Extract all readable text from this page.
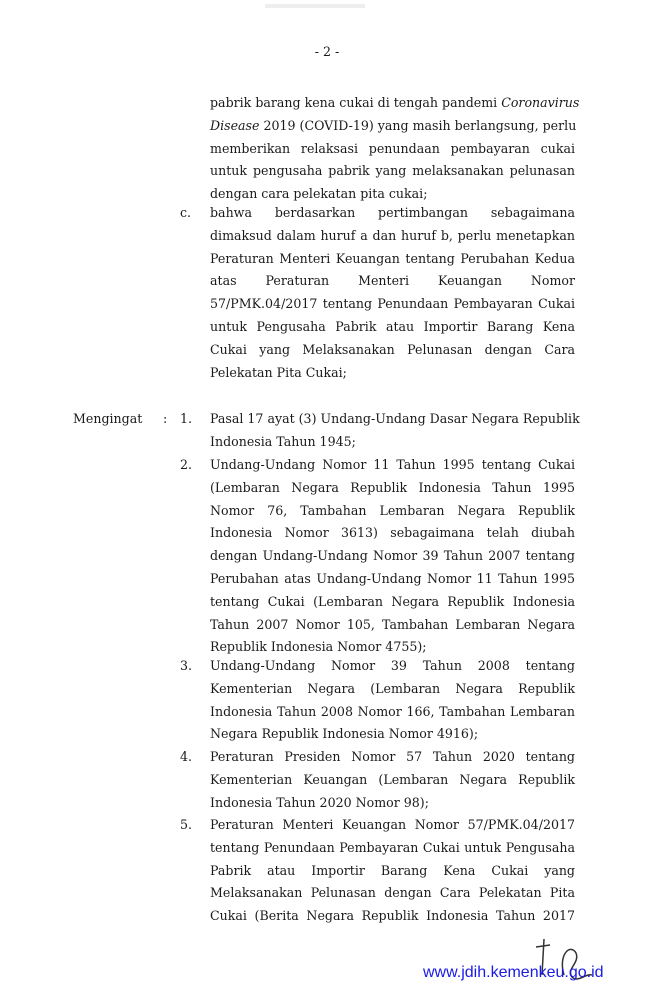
- 2 -
pabrik barang kena cukai di tengah pandemi Coronavirus
Disease 2019 (COVID-19) yang masih berlangsung, perlu
memberikan relaksasi penundaan pembayaran cukai
untuk pengusaha pabrik yang melaksanakan pelunasan
dengan cara pelekatan pita cukai;
c. bahwa berdasarkan pertimbangan sebagaimana
dimaksud dalam huruf a dan huruf b, perlu menetapkan
Peraturan Menteri Keuangan tentang Perubahan Kedua
atas Peraturan Menteri Keuangan Nomor
57/PMK.04/2017 tentang Penundaan Pembayaran Cukai
untuk Pengusaha Pabrik atau Importir Barang Kena
Cukai yang Melaksanakan Pelunasan dengan Cara
Pelekatan Pita Cukai;
Mengingat : 1. Pasal 17 ayat (3) Undang-Undang Dasar Negara Republik
Indonesia Tahun 1945;
2. Undang-Undang Nomor 11 Tahun 1995 tentang Cukai
(Lembaran Negara Republik Indonesia Tahun 1995
Nomor 76, Tambahan Lembaran Negara Republik
Indonesia Nomor 3613) sebagaimana telah diubah
dengan Undang-Undang Nomor 39 Tahun 2007 tentang
Perubahan atas Undang-Undang Nomor 11 Tahun 1995
tentang Cukai (Lembaran Negara Republik Indonesia
Tahun 2007 Nomor 105, Tambahan Lembaran Negara
Republik Indonesia Nomor 4755);
3. Undang-Undang Nomor 39 Tahun 2008 tentang
Kementerian Negara (Lembaran Negara Republik
Indonesia Tahun 2008 Nomor 166, Tambahan Lembaran
Negara Republik Indonesia Nomor 4916);
4. Peraturan Presiden Nomor 57 Tahun 2020 tentang
Kementerian Keuangan (Lembaran Negara Republik
Indonesia Tahun 2020 Nomor 98);
5. Peraturan Menteri Keuangan Nomor 57/PMK.04/2017
tentang Penundaan Pembayaran Cukai untuk Pengusaha
Pabrik atau Importir Barang Kena Cukai yang
Melaksanakan Pelunasan dengan Cara Pelekatan Pita
Cukai (Berita Negara Republik Indonesia Tahun 2017
www.jdih.kemenkeu.go.id
